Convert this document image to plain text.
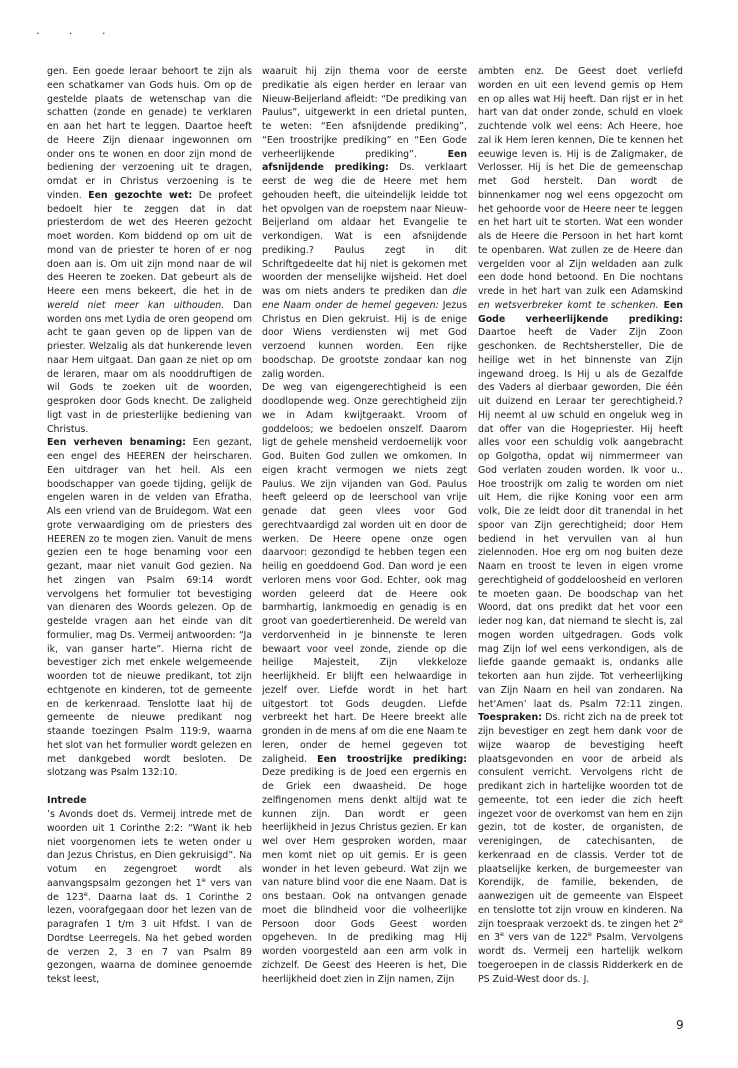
. . .

gen. Een goede leraar behoort te zijn als een schatkamer van Gods huis. Om op de gestelde plaats de wetenschap van die schatten (zonde en genade) te verklaren en aan het hart te leggen. Daartoe heeft de Heere Zijn dienaar ingewonnen om onder ons te wonen en door zijn mond de bediening der verzoening uit te dragen, omdat er in Christus verzoening is te vinden. Een gezochte wet: De profeet bedoelt hier te zeggen dat in dat priesterdom de wet des Heeren gezocht moet worden. Kom biddend op om uit de mond van de priester te horen of er nog doen aan is. Om uit zijn mond naar de wil des Heeren te zoeken. Dat gebeurt als de Heere een mens bekeert, die het in de wereld niet meer kan uithouden. Dan worden ons met Lydia de oren geopend om acht te gaan geven op de lippen van de priester. Welzalig als dat hunkerende leven naar Hem uitgaat. Dan gaan ze niet op om de leraren, maar om als nooddruftigen de wil Gods te zoeken uit de woorden, gesproken door Gods knecht. De zaligheid ligt vast in de priesterlijke bediening van Christus.

Een verheven benaming: Een gezant, een engel des HEEREN der heirscharen. Een uitdrager van het heil. Als een boodschapper van goede tijding, gelijk de engelen waren in de velden van Efratha. Als een vriend van de Bruidegom. Wat een grote verwaardiging om de priesters des HEEREN zo te mogen zien. Vanuit de mens gezien een te hoge benaming voor een gezant, maar niet vanuit God gezien. Na het zingen van Psalm 69:14 wordt vervolgens het formulier tot bevestiging van dienaren des Woords gelezen. Op de gestelde vragen aan het einde van dit formulier, mag Ds. Vermeij antwoorden: “Ja ik, van ganser harte”. Hierna richt de bevestiger zich met enkele welgemeende woorden tot de nieuwe predikant, tot zijn echtgenote en kinderen, tot de gemeente en de kerkenraad. Tenslotte laat hij de gemeente de nieuwe predikant nog staande toezingen Psalm 119:9, waarna het slot van het formulier wordt gelezen en met dankgebed wordt besloten. De slotzang was Psalm 132:10.

Intrede

’s Avonds doet ds. Vermeij intrede met de woorden uit 1 Corinthe 2:2: “Want ik heb niet voorgenomen iets te weten onder u dan Jezus Christus, en Dien gekruisigd”. Na votum en zegengroet wordt als aanvangspsalm gezongen het 1e vers van de 123e. Daarna laat ds. 1 Corinthe 2 lezen, voorafgegaan door het lezen van de paragrafen 1 t/m 3 uit Hfdst. I van de Dordtse Leerregels. Na het gebed worden de verzen 2, 3 en 7 van Psalm 89 gezongen, waarna de dominee genoemde tekst leest,

waaruit hij zijn thema voor de eerste predikatie als eigen herder en leraar van Nieuw-Beijerland afleidt: “De prediking van Paulus”, uitgewerkt in een drietal punten, te weten: “Een afsnijdende prediking”, “Een troostrijke prediking” en “Een Gode verheerlijkende prediking”. Een afsnijdende prediking: Ds. verklaart eerst de weg die de Heere met hem gehouden heeft, die uiteindelijk leidde tot het opvolgen van de roepstem naar Nieuw-Beijerland om aldaar het Evangelie te verkondigen. Wat is een afsnijdende prediking.? Paulus zegt in dit Schriftgedeelte dat hij niet is gekomen met woorden der menselijke wijsheid. Het doel was om niets anders te prediken dan die ene Naam onder de hemel gegeven: Jezus Christus en Dien gekruist. Hij is de enige door Wiens verdiensten wij met God verzoend kunnen worden. Een rijke boodschap. De grootste zondaar kan nog zalig worden.

De weg van eigengerechtigheid is een doodlopende weg. Onze gerechtigheid zijn we in Adam kwijtgeraakt. Vroom of goddeloos; we bedoelen onszelf. Daarom ligt de gehele mensheid verdoemelijk voor God. Buiten God zullen we omkomen. In eigen kracht vermogen we niets zegt Paulus. We zijn vijanden van God. Paulus heeft geleerd op de leerschool van vrije genade dat geen vlees voor God gerechtvaardigd zal worden uit en door de werken. De Heere opene onze ogen daarvoor: gezondigd te hebben tegen een heilig en goeddoend God. Dan word je een verloren mens voor God. Echter, ook mag worden geleerd dat de Heere ook barmhartig, lankmoedig en genadig is en groot van goedertierenheid. De wereld van verdorvenheid in je binnenste te leren bewaart voor veel zonde, ziende op die heilige Majesteit, Zijn vlekkeloze heerlijkheid. Er blijft een helwaardige in jezelf over. Liefde wordt in het hart uitgestort tot Gods deugden. Liefde verbreekt het hart. De Heere breekt alle gronden in de mens af om die ene Naam te leren, onder de hemel gegeven tot zaligheid. Een troostrijke prediking: Deze prediking is de Joed een ergernis en de Griek een dwaasheid. De hoge zelfingenomen mens denkt altijd wat te kunnen zijn. Dan wordt er geen heerlijkheid in Jezus Christus gezien. Er kan wel over Hem gesproken worden, maar men komt niet op uit gemis. Er is geen wonder in het leven gebeurd. Wat zijn we van nature blind voor die ene Naam. Dat is ons bestaan. Ook na ontvangen genade moet die blindheid voor die volheerlijke Persoon door Gods Geest worden opgeheven. In de prediking mag Hij worden voorgesteld aan een arm volk in zichzelf. De Geest des Heeren is het, Die heerlijkheid doet zien in Zijn namen, Zijn

ambten enz. De Geest doet verliefd worden en uit een levend gemis op Hem en op alles wat Hij heeft. Dan rijst er in het hart van dat onder zonde, schuld en vloek zuchtende volk wel eens: Ach Heere, hoe zal ik Hem leren kennen, Die te kennen het eeuwige leven is. Hij is de Zaligmaker, de Verlosser. Hij is het Die de gemeenschap met God herstelt. Dan wordt de binnenkamer nog wel eens opgezocht om het gehoorde voor de Heere neer te leggen en het hart uit te storten. Wat een wonder als de Heere die Persoon in het hart komt te openbaren. Wat zullen ze de Heere dan vergelden voor al Zijn weldaden aan zulk een dode hond betoond. En Die nochtans vrede in het hart van zulk een Adamskind en wetsverbreker komt te schenken. Een Gode verheerlijkende prediking: Daartoe heeft de Vader Zijn Zoon geschonken. de Rechtshersteller, Die de heilige wet in het binnenste van Zijn ingewand droeg. Is Hij u als de Gezalfde des Vaders al dierbaar geworden, Die één uit duizend en Leraar ter gerechtigheid.? Hij neemt al uw schuld en ongeluk weg in dat offer van die Hogepriester. Hij heeft alles voor een schuldig volk aangebracht op Golgotha, opdat wij nimmermeer van God verlaten zouden worden. Ik voor u.. Hoe troostrijk om zalig te worden om niet uit Hem, die rijke Koning voor een arm volk, Die ze leidt door dit tranendal in het spoor van Zijn gerechtigheid; door Hem bediend in het vervullen van al hun zielennoden. Hoe erg om nog buiten deze Naam en troost te leven in eigen vrome gerechtigheid of goddeloosheid en verloren te moeten gaan. De boodschap van het Woord, dat ons predikt dat het voor een ieder nog kan, dat niemand te slecht is, zal mogen worden uitgedragen. Gods volk mag Zijn lof wel eens verkondigen, als de liefde gaande gemaakt is, ondanks alle tekorten aan hun zijde. Tot verheerlijking van Zijn Naam en heil van zondaren. Na het‘Amen’ laat ds. Psalm 72:11 zingen. Toespraken: Ds. richt zich na de preek tot zijn bevestiger en zegt hem dank voor de wijze waarop de bevestiging heeft plaatsgevonden en voor de arbeid als consulent verricht. Vervolgens richt de predikant zich in hartelijke woorden tot de gemeente, tot een ieder die zich heeft ingezet voor de overkomst van hem en zijn gezin, tot de koster, de organisten, de verenigingen, de catechisanten, de kerkenraad en de classis. Verder tot de plaatselijke kerken, de burgemeester van Korendijk, de familie, bekenden, de aanwezigen uit de gemeente van Elspeet en tenslotte tot zijn vrouw en kinderen. Na zijn toespraak verzoekt ds. te zingen het 2e en 3e vers van de 122e Psalm. Vervolgens wordt ds. Vermeij een hartelijk welkom toegeroepen in de classis Ridderkerk en de PS Zuid-West door ds. J.

9
